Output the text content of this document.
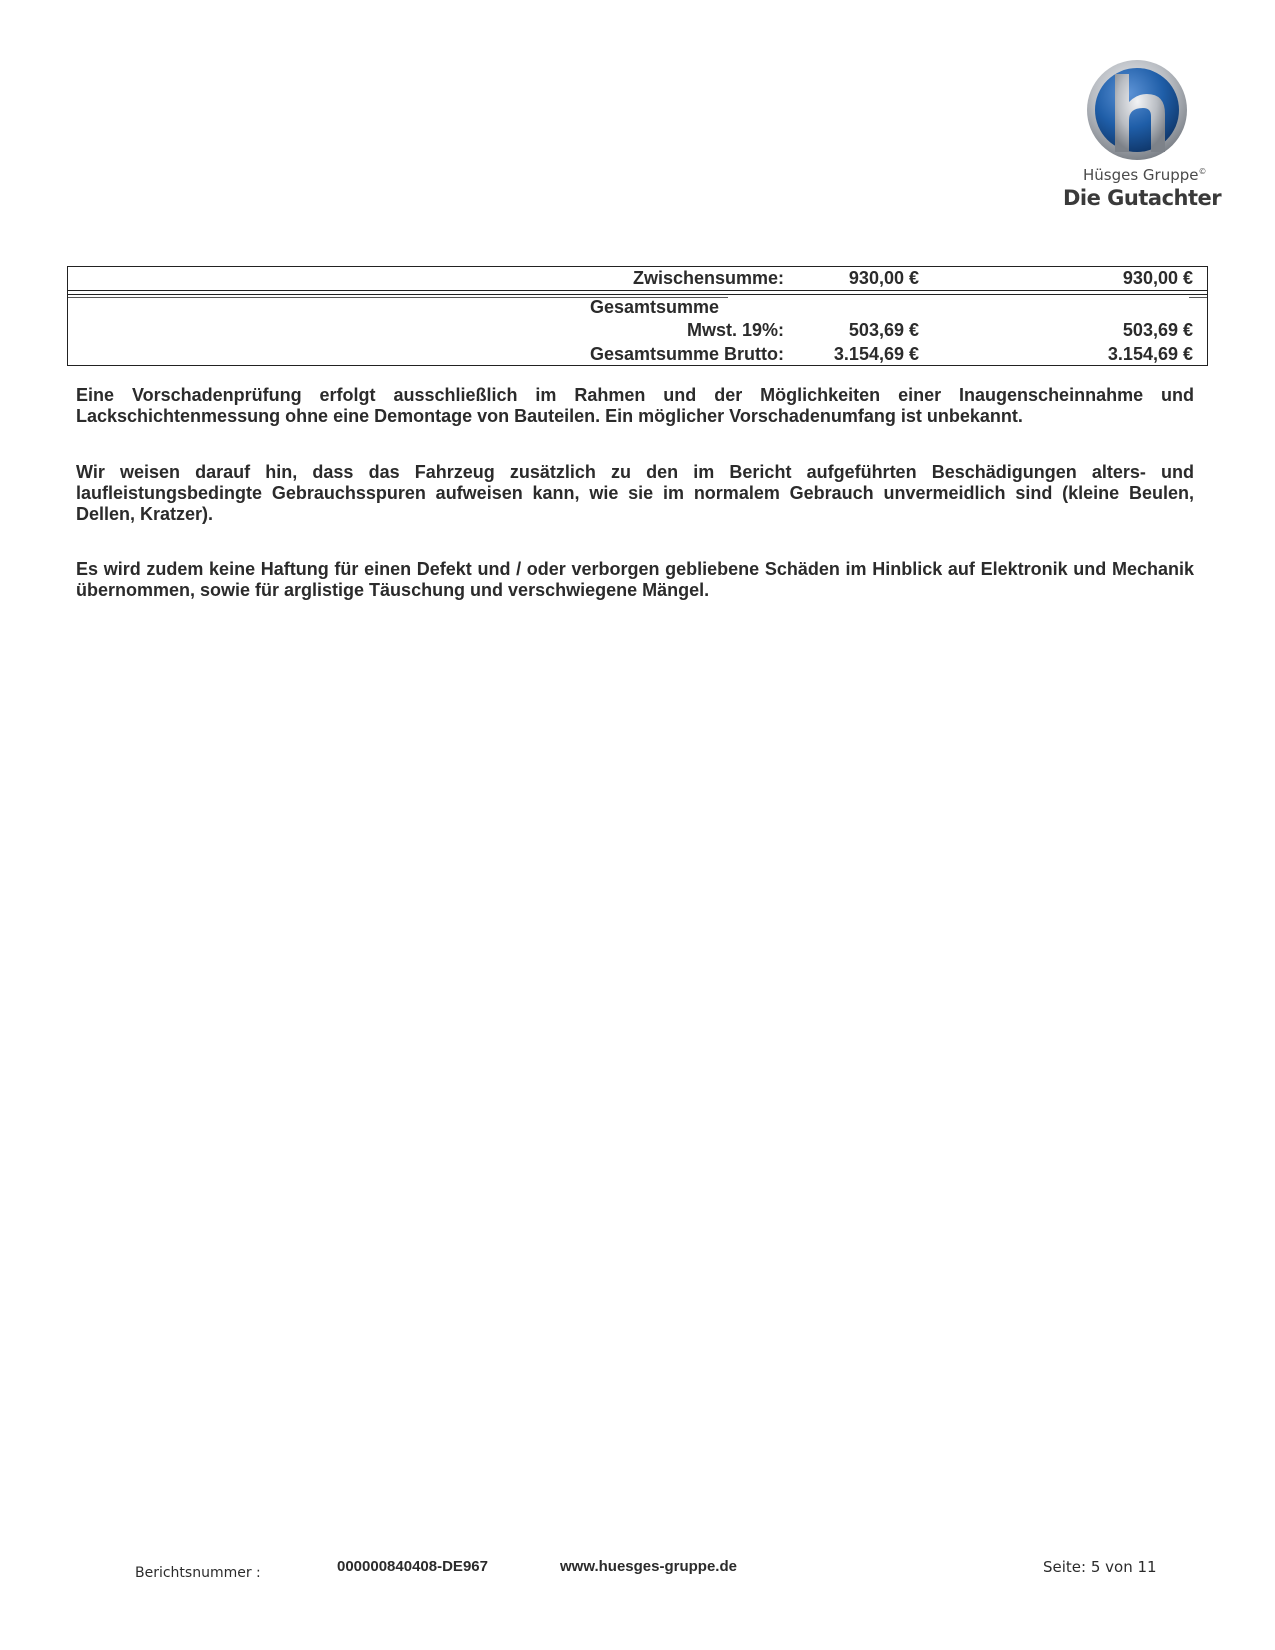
Hüsges Gruppe©
Die Gutachter
Zwischensumme:	930,00 €	930,00 €
Gesamtsumme
Mwst. 19%:	503,69 €	503,69 €
Gesamtsumme Brutto:	3.154,69 €	3.154,69 €
Eine Vorschadenprüfung erfolgt ausschließlich im Rahmen und der Möglichkeiten einer Inaugenscheinnahme und Lackschichtenmessung ohne eine Demontage von Bauteilen. Ein möglicher Vorschadenumfang ist unbekannt.
Wir weisen darauf hin, dass das Fahrzeug zusätzlich zu den im Bericht aufgeführten Beschädigungen alters- und laufleistungsbedingte Gebrauchsspuren aufweisen kann, wie sie im normalem Gebrauch unvermeidlich sind (kleine Beulen, Dellen, Kratzer).
Es wird zudem keine Haftung für einen Defekt und / oder verborgen gebliebene Schäden im Hinblick auf Elektronik und Mechanik übernommen, sowie für arglistige Täuschung und verschwiegene Mängel.
Berichtsnummer :	000000840408-DE967	www.huesges-gruppe.de	Seite: 5 von 11
